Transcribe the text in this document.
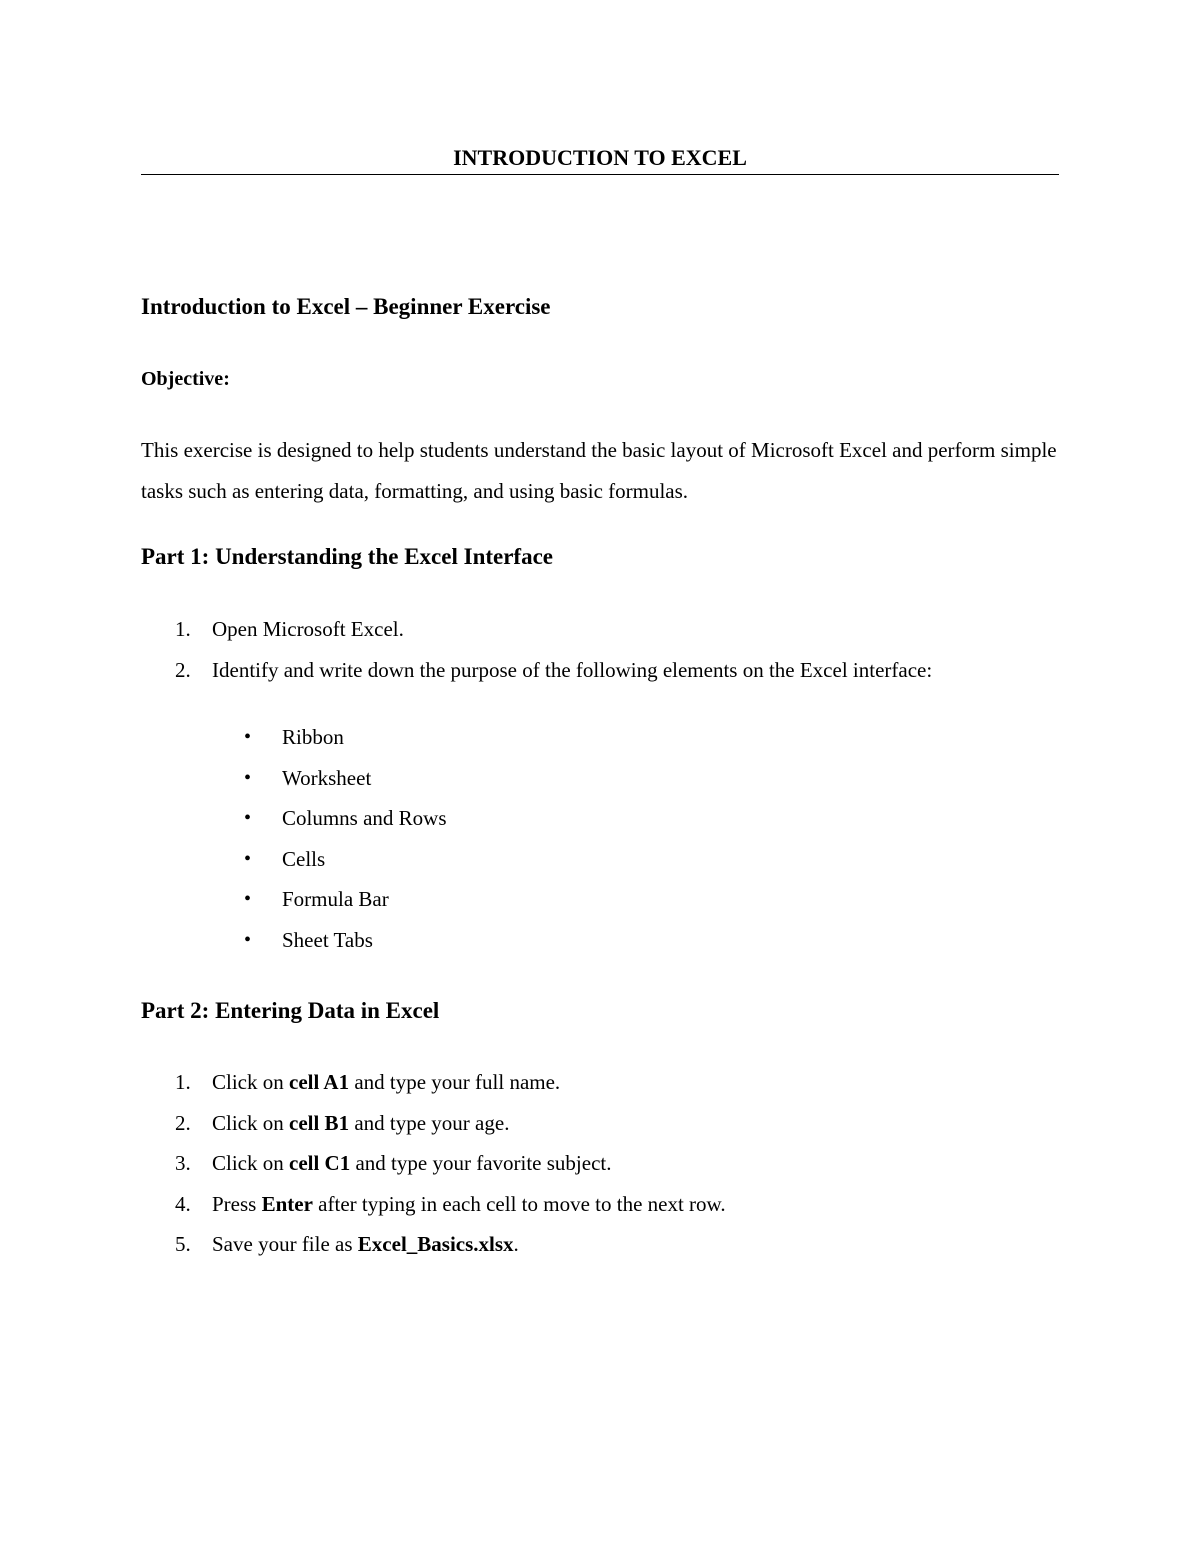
INTRODUCTION TO EXCEL
Introduction to Excel – Beginner Exercise
Objective:
This exercise is designed to help students understand the basic layout of Microsoft Excel and perform simple tasks such as entering data, formatting, and using basic formulas.
Part 1: Understanding the Excel Interface
1. Open Microsoft Excel.
2. Identify and write down the purpose of the following elements on the Excel interface:
• Ribbon
• Worksheet
• Columns and Rows
• Cells
• Formula Bar
• Sheet Tabs
Part 2: Entering Data in Excel
1. Click on cell A1 and type your full name.
2. Click on cell B1 and type your age.
3. Click on cell C1 and type your favorite subject.
4. Press Enter after typing in each cell to move to the next row.
5. Save your file as Excel_Basics.xlsx.
